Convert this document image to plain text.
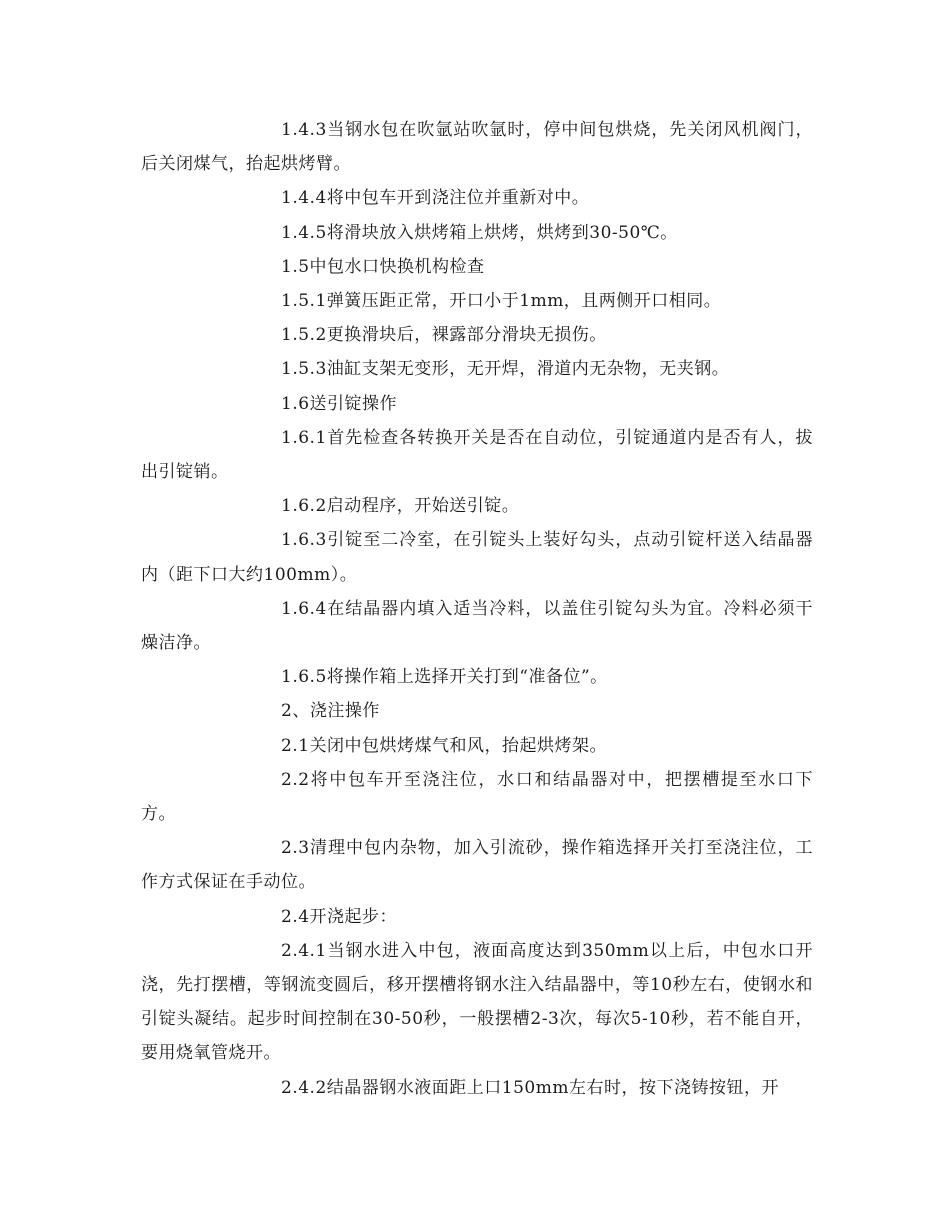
1.4.3当钢水包在吹氩站吹氩时，停中间包烘烧，先关闭风机阀门，后关闭煤气，抬起烘烤臂。

1.4.4将中包车开到浇注位并重新对中。

1.4.5将滑块放入烘烤箱上烘烤，烘烤到30-50℃。

1.5中包水口快换机构检查

1.5.1弹簧压距正常，开口小于1mm，且两侧开口相同。

1.5.2更换滑块后，裸露部分滑块无损伤。

1.5.3油缸支架无变形，无开焊，滑道内无杂物，无夹钢。

1.6送引锭操作

1.6.1首先检查各转换开关是否在自动位，引锭通道内是否有人，拔出引锭销。

1.6.2启动程序，开始送引锭。

1.6.3引锭至二冷室，在引锭头上装好勾头，点动引锭杆送入结晶器内（距下口大约100mm）。

1.6.4在结晶器内填入适当冷料，以盖住引锭勾头为宜。冷料必须干燥洁净。

1.6.5将操作箱上选择开关打到“准备位”。

2、浇注操作

2.1关闭中包烘烤煤气和风，抬起烘烤架。

2.2将中包车开至浇注位，水口和结晶器对中，把摆槽提至水口下方。

2.3清理中包内杂物，加入引流砂，操作箱选择开关打至浇注位，工作方式保证在手动位。

2.4开浇起步：

2.4.1当钢水进入中包，液面高度达到350mm以上后，中包水口开浇，先打摆槽，等钢流变圆后，移开摆槽将钢水注入结晶器中，等10秒左右，使钢水和引锭头凝结。起步时间控制在30-50秒，一般摆槽2-3次，每次5-10秒，若不能自开，要用烧氧管烧开。

2.4.2结晶器钢水液面距上口150mm左右时，按下浇铸按钮，开
